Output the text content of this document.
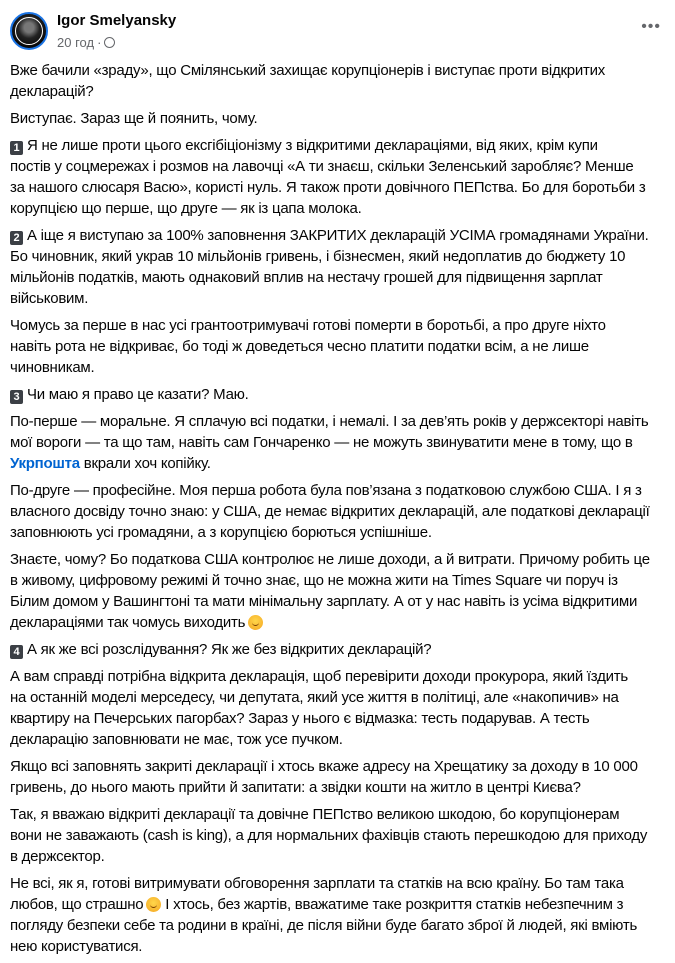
Igor Smelyansky
20 год ·
•••
Вже бачили «зраду», що Смілянський захищає корупціонерів і виступає проти відкритих
декларацій?
Виступає. Зараз ще й поянить, чому.
1 Я не лише проти цього ексгібіціонізму з відкритими деклараціями, від яких, крім купи
постів у соцмережах і розмов на лавочці «А ти знаєш, скільки Зеленський заробляє? Менше
за нашого слюсаря Васю», користі нуль. Я також проти довічного ПЕПства. Бо для боротьби з
корупцією що перше, що друге — як із цапа молока.
2 А іще я виступаю за 100% заповнення ЗАКРИТИХ декларацій УСІМА громадянами України.
Бо чиновник, який украв 10 мільйонів гривень, і бізнесмен, який недоплатив до бюджету 10
мільйонів податків, мають однаковий вплив на нестачу грошей для підвищення зарплат
військовим.
Чомусь за перше в нас усі грантоотримувачі готові померти в боротьбі, а про друге ніхто
навіть рота не відкриває, бо тоді ж доведеться чесно платити податки всім, а не лише
чиновникам.
3 Чи маю я право це казати? Маю.
По-перше — моральне. Я сплачую всі податки, і немалі. І за дев’ять років у держсекторі навіть
мої вороги — та що там, навіть сам Гончаренко — не можуть звинуватити мене в тому, що в
Укрпошта вкрали хоч копійку.
По-друге — професійне. Моя перша робота була пов’язана з податковою службою США. І я з
власного досвіду точно знаю: у США, де немає відкритих декларацій, але податкові декларації
заповнюють усі громадяни, а з корупцією борються успішніше.
Знаєте, чому? Бо податкова США контролює не лише доходи, а й витрати. Причому робить це
в живому, цифровому режимі й точно знає, що не можна жити на Times Square чи поруч із
Білим домом у Вашингтоні та мати мінімальну зарплату. А от у нас навіть із усіма відкритими
деклараціями так чомусь виходить
4 А як же всі розслідування? Як же без відкритих декларацій?
А вам справді потрібна відкрита декларація, щоб перевірити доходи прокурора, який їздить
на останній моделі мерседесу, чи депутата, який усе життя в політиці, але «накопичив» на
квартиру на Печерських пагорбах? Зараз у нього є відмазка: тесть подарував. А тесть
декларацію заповнювати не має, тож усе пучком.
Якщо всі заповнять закриті декларації і хтось вкаже адресу на Хрещатику за доходу в 10 000
гривень, до нього мають прийти й запитати: а звідки кошти на житло в центрі Києва?
Так, я вважаю відкриті декларації та довічне ПЕПство великою шкодою, бо корупціонерам
вони не заважають (cash is king), а для нормальних фахівців стають перешкодою для приходу
в держсектор.
Не всі, як я, готові витримувати обговорення зарплати та статків на всю країну. Бо там така
любов, що страшно І хтось, без жартів, вважатиме таке розкриття статків небезпечним з
погляду безпеки себе та родини в країні, де після війни буде багато зброї й людей, які вміють
нею користуватися.
